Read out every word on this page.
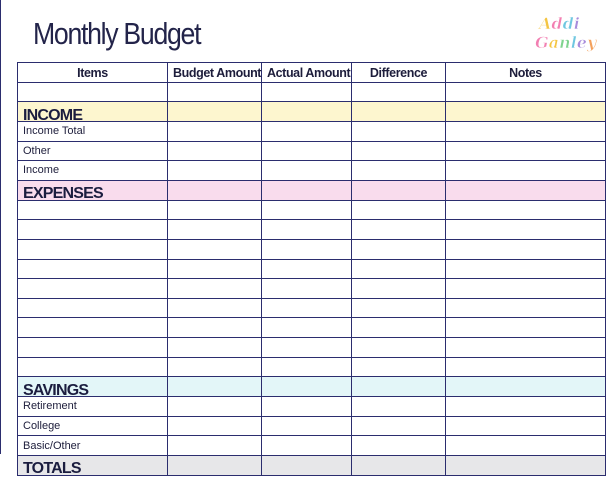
Monthly Budget	Addi
Ganley
Items	Budget Amount	Actual Amount	Difference	Notes

INCOME				
Income Total				
Other				
Income				
EXPENSES				

SAVINGS				
Retirement				
College				
Basic/Other				
TOTALS				
